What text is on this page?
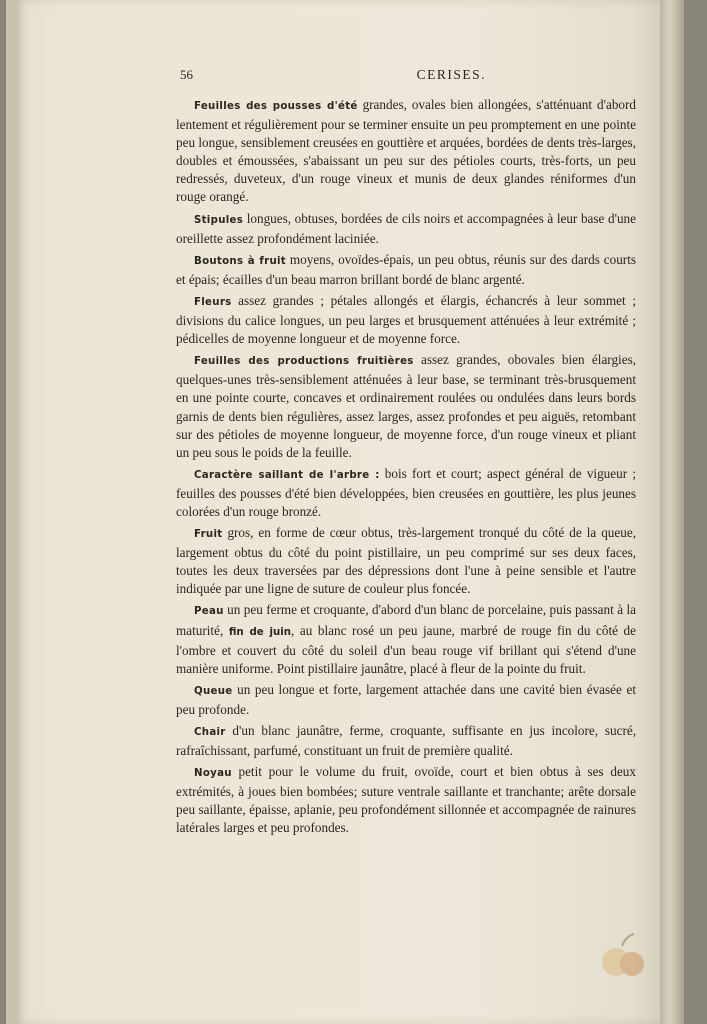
56	CERISES.

Feuilles des pousses d'été grandes, ovales bien allongées, s'atténuant d'abord lentement et régulièrement pour se terminer ensuite un peu promptement en une pointe peu longue, sensiblement creusées en gouttière et arquées, bordées de dents très-larges, doubles et émoussées, s'abaissant un peu sur des pétioles courts, très-forts, un peu redressés, duveteux, d'un rouge vineux et munis de deux glandes réniformes d'un rouge orangé.

Stipules longues, obtuses, bordées de cils noirs et accompagnées à leur base d'une oreillette assez profondément laciniée.

Boutons à fruit moyens, ovoïdes-épais, un peu obtus, réunis sur des dards courts et épais; écailles d'un beau marron brillant bordé de blanc argenté.

Fleurs assez grandes ; pétales allongés et élargis, échancrés à leur sommet ; divisions du calice longues, un peu larges et brusquement atténuées à leur extrémité ; pédicelles de moyenne longueur et de moyenne force.

Feuilles des productions fruitières assez grandes, obovales bien élargies, quelques-unes très-sensiblement atténuées à leur base, se terminant très-brusquement en une pointe courte, concaves et ordinairement roulées ou ondulées dans leurs bords garnis de dents bien régulières, assez larges, assez profondes et peu aiguës, retombant sur des pétioles de moyenne longueur, de moyenne force, d'un rouge vineux et pliant un peu sous le poids de la feuille.

Caractère saillant de l'arbre : bois fort et court; aspect général de vigueur ; feuilles des pousses d'été bien développées, bien creusées en gouttière, les plus jeunes colorées d'un rouge bronzé.

Fruit gros, en forme de cœur obtus, très-largement tronqué du côté de la queue, largement obtus du côté du point pistillaire, un peu comprimé sur ses deux faces, toutes les deux traversées par des dépressions dont l'une à peine sensible et l'autre indiquée par une ligne de suture de couleur plus foncée.

Peau un peu ferme et croquante, d'abord d'un blanc de porcelaine, puis passant à la maturité, fin de juin, au blanc rosé un peu jaune, marbré de rouge fin du côté de l'ombre et couvert du côté du soleil d'un beau rouge vif brillant qui s'étend d'une manière uniforme. Point pistillaire jaunâtre, placé à fleur de la pointe du fruit.

Queue un peu longue et forte, largement attachée dans une cavité bien évasée et peu profonde.

Chair d'un blanc jaunâtre, ferme, croquante, suffisante en jus incolore, sucré, rafraîchissant, parfumé, constituant un fruit de première qualité.

Noyau petit pour le volume du fruit, ovoïde, court et bien obtus à ses deux extrémités, à joues bien bombées; suture ventrale saillante et tranchante; arête dorsale peu saillante, épaisse, aplanie, peu profondément sillonnée et accompagnée de rainures latérales larges et peu profondes.
